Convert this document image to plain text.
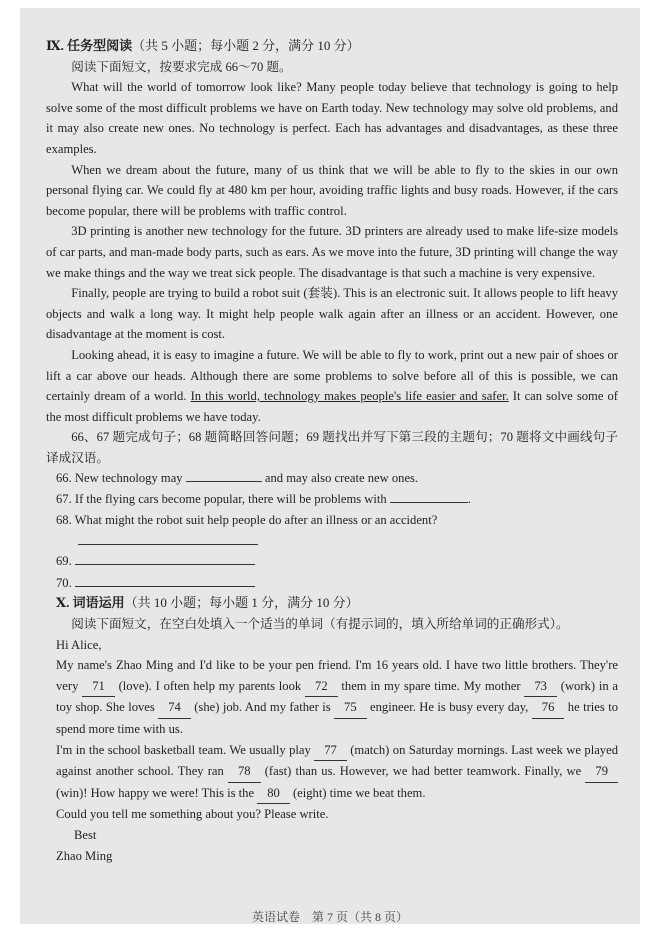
Ⅸ. 任务型阅读（共 5 小题；每小题 2 分，满分 10 分）

阅读下面短文，按要求完成 66～70 题。

What will the world of tomorrow look like? Many people today believe that technology is going to help solve some of the most difficult problems we have on Earth today. New technology may solve old problems, and it may also create new ones. No technology is perfect. Each has advantages and disadvantages, as these three examples.

When we dream about the future, many of us think that we will be able to fly to the skies in our own personal flying car. We could fly at 480 km per hour, avoiding traffic lights and busy roads. However, if the cars become popular, there will be problems with traffic control.

3D printing is another new technology for the future. 3D printers are already used to make life-size models of car parts, and man-made body parts, such as ears. As we move into the future, 3D printing will change the way we make things and the way we treat sick people. The disadvantage is that such a machine is very expensive.

Finally, people are trying to build a robot suit (套装). This is an electronic suit. It allows people to lift heavy objects and walk a long way. It might help people walk again after an illness or an accident. However, one disadvantage at the moment is cost.

Looking ahead, it is easy to imagine a future. We will be able to fly to work, print out a new pair of shoes or lift a car above our heads. Although there are some problems to solve before all of this is possible, we can certainly dream of a world. In this world, technology makes people's life easier and safer. It can solve some of the most difficult problems we have today.

66、67 题完成句子；68 题简略回答问题；69 题找出并写下第三段的主题句；70 题将文中画线句子译成汉语。

66. New technology may	and may also create new ones.

67. If the flying cars become popular, there will be problems with	.

68. What might the robot suit help people do after an illness or an accident?

69.

70.

Ⅹ. 词语运用（共 10 小题；每小题 1 分，满分 10 分）

阅读下面短文，在空白处填入一个适当的单词（有提示词的，填入所给单词的正确形式）。

Hi Alice,

My name's Zhao Ming and I'd like to be your pen friend. I'm 16 years old. I have two little brothers. They're very 71 (love). I often help my parents look 72 them in my spare time. My mother 73 (work) in a toy shop. She loves 74 (she) job. And my father is 75 engineer. He is busy every day, 76 he tries to spend more time with us.

I'm in the school basketball team. We usually play 77 (match) on Saturday mornings. Last week we played against another school. They ran 78 (fast) than us. However, we had better teamwork. Finally, we 79 (win)! How happy we were! This is the 80 (eight) time we beat them.

Could you tell me something about you? Please write.

Best

Zhao Ming

英语试卷　第 7 页（共 8 页）
